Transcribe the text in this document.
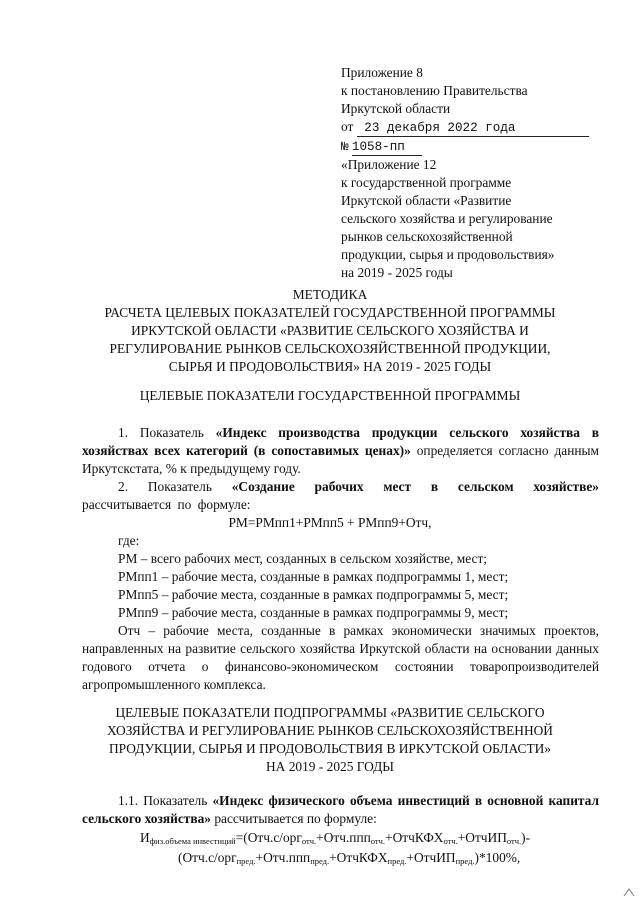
Приложение 8
к постановлению Правительства
Иркутской области
от 23 декабря 2022 года
№ 1058-пп
«Приложение 12
к государственной программе
Иркутской области «Развитие
сельского хозяйства и регулирование
рынков сельскохозяйственной
продукции, сырья и продовольствия»
на 2019 - 2025 годы
МЕТОДИКА
РАСЧЕТА ЦЕЛЕВЫХ ПОКАЗАТЕЛЕЙ ГОСУДАРСТВЕННОЙ ПРОГРАММЫ
ИРКУТСКОЙ ОБЛАСТИ «РАЗВИТИЕ СЕЛЬСКОГО ХОЗЯЙСТВА И
РЕГУЛИРОВАНИЕ РЫНКОВ СЕЛЬСКОХОЗЯЙСТВЕННОЙ ПРОДУКЦИИ,
СЫРЬЯ И ПРОДОВОЛЬСТВИЯ» НА 2019 - 2025 ГОДЫ
ЦЕЛЕВЫЕ ПОКАЗАТЕЛИ ГОСУДАРСТВЕННОЙ ПРОГРАММЫ
1. Показатель «Индекс производства продукции сельского хозяйства в хозяйствах всех категорий (в сопоставимых ценах)» определяется согласно данным Иркутскстата, % к предыдущему году.
2. Показатель «Создание рабочих мест в сельском хозяйстве» рассчитывается по формуле:
РМ=РМпп1+РМпп5 + РМпп9+Отч,
где:
РМ – всего рабочих мест, созданных в сельском хозяйстве, мест;
РМпп1 – рабочие места, созданные в рамках подпрограммы 1, мест;
РМпп5 – рабочие места, созданные в рамках подпрограммы 5, мест;
РМпп9 – рабочие места, созданные в рамках подпрограммы 9, мест;
Отч – рабочие места, созданные в рамках экономически значимых проектов, направленных на развитие сельского хозяйства Иркутской области на основании данных годового отчета о финансово-экономическом состоянии товаропроизводителей агропромышленного комплекса.
ЦЕЛЕВЫЕ ПОКАЗАТЕЛИ ПОДПРОГРАММЫ «РАЗВИТИЕ СЕЛЬСКОГО
ХОЗЯЙСТВА И РЕГУЛИРОВАНИЕ РЫНКОВ СЕЛЬСКОХОЗЯЙСТВЕННОЙ
ПРОДУКЦИИ, СЫРЬЯ И ПРОДОВОЛЬСТВИЯ В ИРКУТСКОЙ ОБЛАСТИ»
НА 2019 - 2025 ГОДЫ
1.1. Показатель «Индекс физического объема инвестиций в основной капитал сельского хозяйства» рассчитывается по формуле:
$И_{физ.объема инвестиций}=(Отч.с/орг_{отч.}+Отч.ппп_{отч.}+ОтчКФХ_{отч.}+ОтчИП_{отч.})-$
(Отч.с/орг$_{пред.}$+Отч.ппп$_{пред.}$+ОтчКФХ$_{пред.}$+ОтчИП$_{пред.}$)*100%,
